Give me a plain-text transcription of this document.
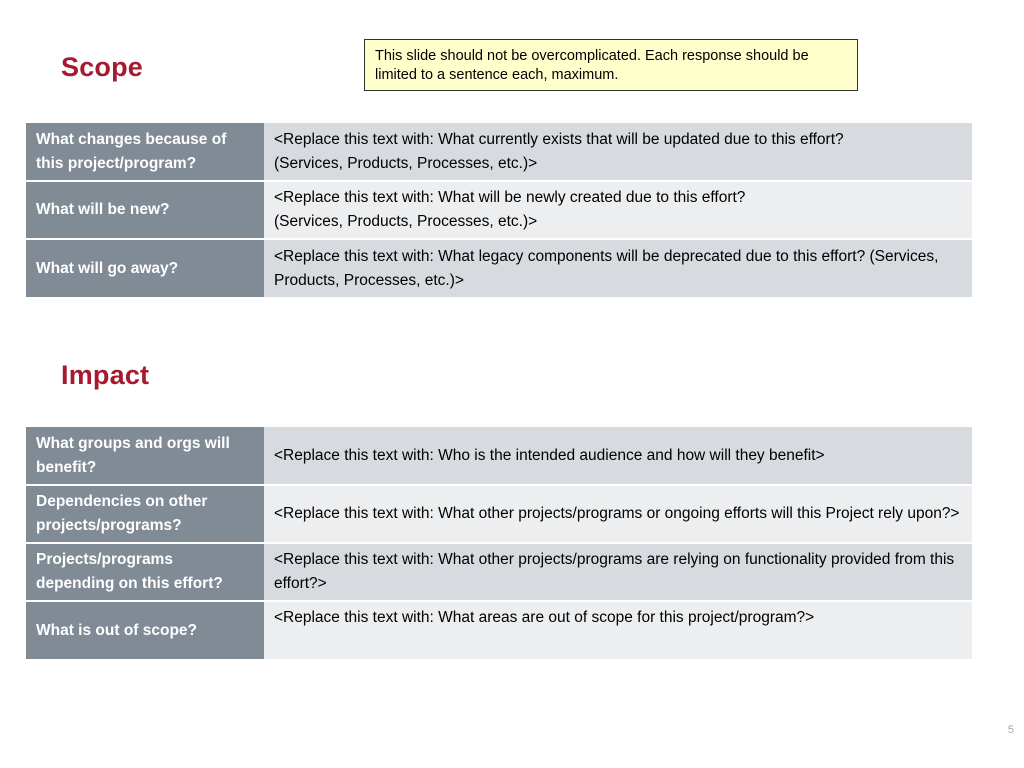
Scope	This slide should not be overcomplicated. Each response should be limited to a sentence each, maximum.
What changes because of this project/program?	<Replace this text with: What currently exists that will be updated due to this effort?
(Services, Products, Processes, etc.)>
What will be new?	<Replace this text with: What will be newly created due to this effort?
(Services, Products, Processes, etc.)>
What will go away?	<Replace this text with: What legacy components will be deprecated due to this effort? (Services, Products, Processes, etc.)>
Impact
What groups and orgs will benefit?	<Replace this text with: Who is the intended audience and how will they benefit>
Dependencies on other projects/programs?	<Replace this text with: What other projects/programs or ongoing efforts will this Project rely upon?>
Projects/programs depending on this effort?	<Replace this text with: What other projects/programs are relying on functionality provided from this effort?>
What is out of scope?	<Replace this text with: What areas are out of scope for this project/program?>
5
